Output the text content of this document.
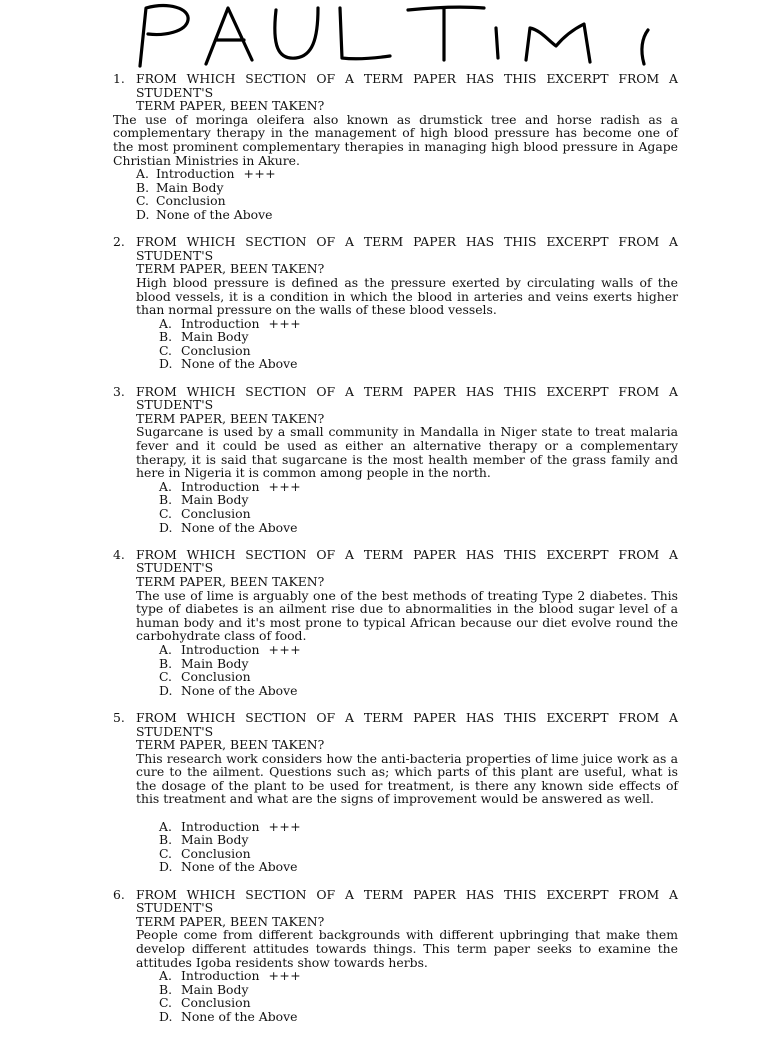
1. FROM WHICH SECTION OF A TERM PAPER HAS THIS EXCERPT FROM A STUDENT'S
TERM PAPER, BEEN TAKEN?
The use of moringa oleifera also known as drumstick tree and horse radish as a complementary therapy in the management of high blood pressure has become one of the most prominent complementary therapies in managing high blood pressure in Agape Christian Ministries in Akure.
A. Introduction +++
B. Main Body
C. Conclusion
D. None of the Above
2. FROM WHICH SECTION OF A TERM PAPER HAS THIS EXCERPT FROM A STUDENT'S
TERM PAPER, BEEN TAKEN?
High blood pressure is defined as the pressure exerted by circulating walls of the blood vessels, it is a condition in which the blood in arteries and veins exerts higher than normal pressure on the walls of these blood vessels.
A. Introduction +++
B. Main Body
C. Conclusion
D. None of the Above
3. FROM WHICH SECTION OF A TERM PAPER HAS THIS EXCERPT FROM A STUDENT'S
TERM PAPER, BEEN TAKEN?
Sugarcane is used by a small community in Mandalla in Niger state to treat malaria fever and it could be used as either an alternative therapy or a complementary therapy, it is said that sugarcane is the most health member of the grass family and here in Nigeria it is common among people in the north.
A. Introduction +++
B. Main Body
C. Conclusion
D. None of the Above
4. FROM WHICH SECTION OF A TERM PAPER HAS THIS EXCERPT FROM A STUDENT'S
TERM PAPER, BEEN TAKEN?
The use of lime is arguably one of the best methods of treating Type 2 diabetes. This type of diabetes is an ailment rise due to abnormalities in the blood sugar level of a human body and it's most prone to typical African because our diet evolve round the carbohydrate class of food.
A. Introduction +++
B. Main Body
C. Conclusion
D. None of the Above
5. FROM WHICH SECTION OF A TERM PAPER HAS THIS EXCERPT FROM A STUDENT'S
TERM PAPER, BEEN TAKEN?
This research work considers how the anti-bacteria properties of lime juice work as a cure to the ailment. Questions such as; which parts of this plant are useful, what is the dosage of the plant to be used for treatment, is there any known side effects of this treatment and what are the signs of improvement would be answered as well.
A. Introduction +++
B. Main Body
C. Conclusion
D. None of the Above
6. FROM WHICH SECTION OF A TERM PAPER HAS THIS EXCERPT FROM A STUDENT'S
TERM PAPER, BEEN TAKEN?
People come from different backgrounds with different upbringing that make them develop different attitudes towards things. This term paper seeks to examine the attitudes Igoba residents show towards herbs.
A. Introduction +++
B. Main Body
C. Conclusion
D. None of the Above
